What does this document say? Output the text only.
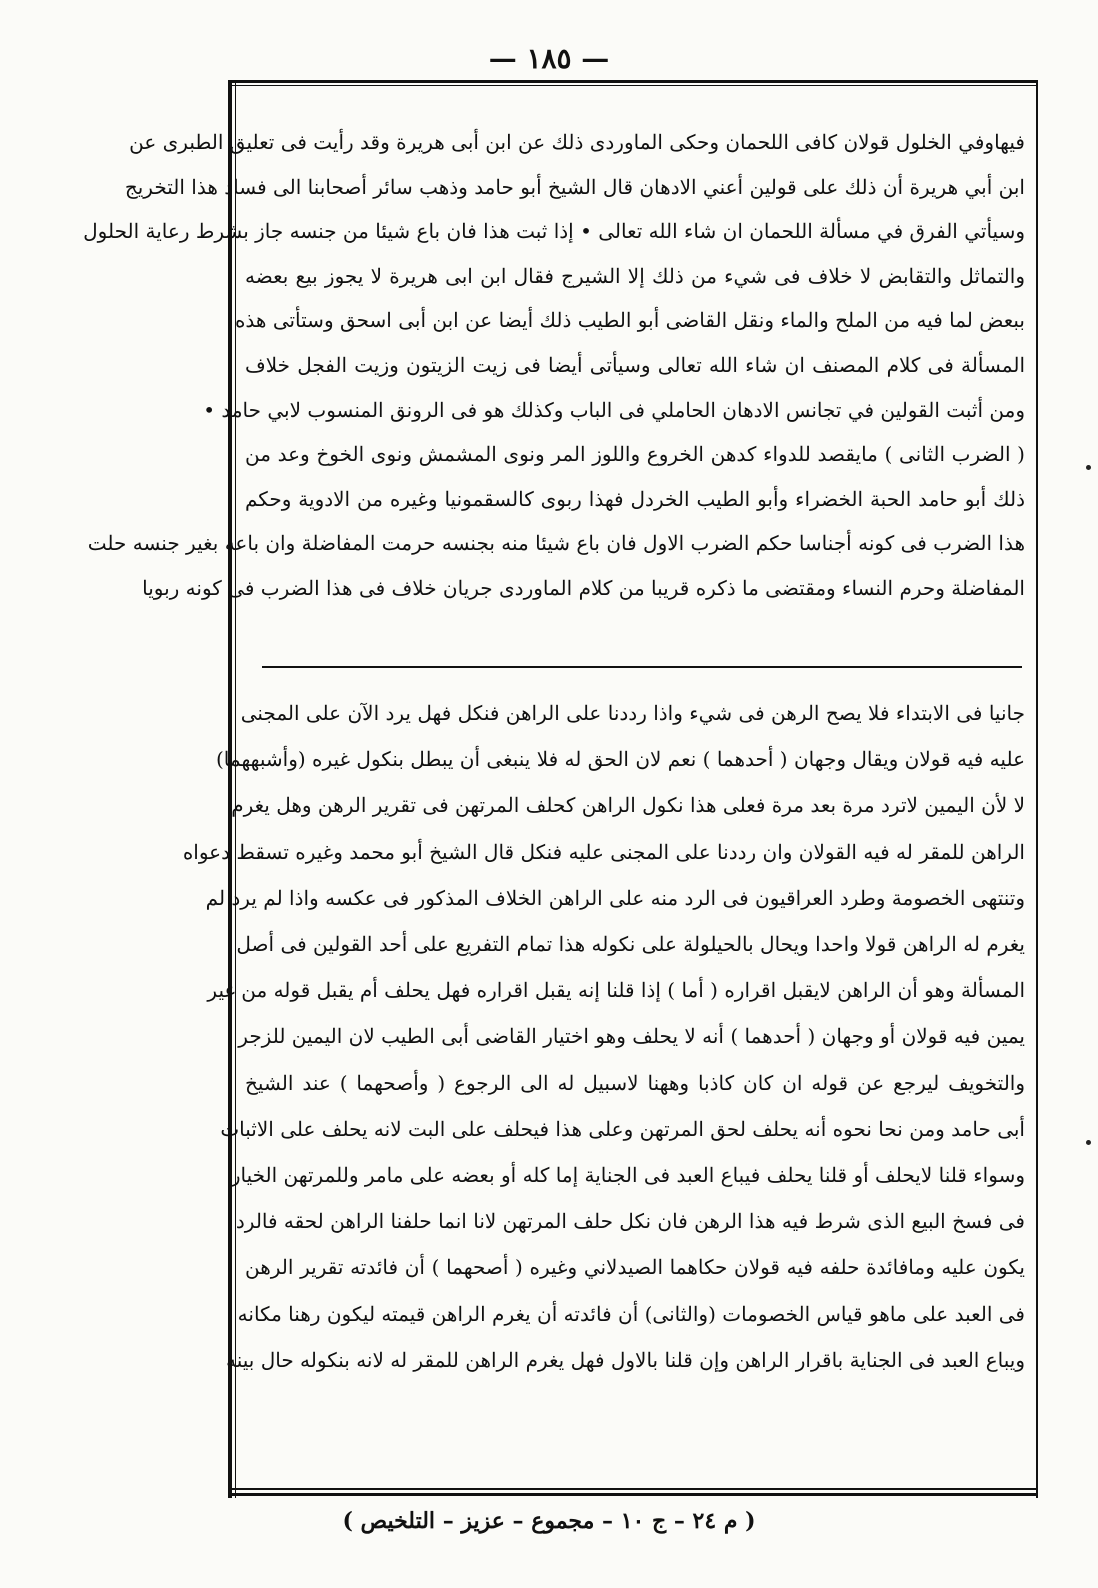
— ١٨٥ —

فيهاوفي الخلول قولان كافى اللحمان وحكى الماوردى ذلك عن ابن أبى هريرة وقد رأيت فى تعليق الطبرى عن

ابن أبي هريرة أن ذلك على قولين أعني الادهان قال الشيخ أبو حامد وذهب سائر أصحابنا الى فساد هذا التخريج

وسيأتي الفرق في مسألة اللحمان ان شاء الله تعالى • إذا ثبت هذا فان باع شيئا من جنسه جاز بشرط رعاية الحلول

والتماثل والتقابض لا خلاف فى شيء من ذلك إلا الشيرج فقال ابن ابى هريرة لا يجوز بيع بعضه

ببعض لما فيه من الملح والماء ونقل القاضى أبو الطيب ذلك أيضا عن ابن أبى اسحق وستأتى هذه

المسألة فى كلام المصنف ان شاء الله تعالى وسيأتى أيضا فى زيت الزيتون وزيت الفجل خلاف

ومن أثبت القولين في تجانس الادهان الحاملي فى الباب وكذلك هو فى الرونق المنسوب لابي حامد •

( الضرب الثانى ) مايقصد للدواء كدهن الخروع واللوز المر ونوى المشمش ونوى الخوخ وعد من

ذلك أبو حامد الحبة الخضراء وأبو الطيب الخردل فهذا ربوى كالسقمونيا وغيره من الادوية وحكم

هذا الضرب فى كونه أجناسا حكم الضرب الاول فان باع شيئا منه بجنسه حرمت المفاضلة وان باعه بغير جنسه حلت

المفاضلة وحرم النساء ومقتضى ما ذكره قريبا من كلام الماوردى جريان خلاف فى هذا الضرب فى كونه ربويا

جانيا فى الابتداء فلا يصح الرهن فى شيء واذا رددنا على الراهن فنكل فهل يرد الآن على المجنى

عليه فيه قولان ويقال وجهان ( أحدهما ) نعم لان الحق له فلا ينبغى أن يبطل بنكول غيره (وأشبههما)

لا لأن اليمين لاترد مرة بعد مرة فعلى هذا نكول الراهن كحلف المرتهن فى تقرير الرهن وهل يغرم

الراهن للمقر له فيه القولان وان رددنا على المجنى عليه فنكل قال الشيخ أبو محمد وغيره تسقط دعواه

وتنتهى الخصومة وطرد العراقيون فى الرد منه على الراهن الخلاف المذكور فى عكسه واذا لم يرد لم

يغرم له الراهن قولا واحدا ويحال بالحيلولة على نكوله هذا تمام التفريع على أحد القولين فى أصل

المسألة وهو أن الراهن لايقبل اقراره ( أما ) إذا قلنا إنه يقبل اقراره فهل يحلف أم يقبل قوله من غير

يمين فيه قولان أو وجهان ( أحدهما ) أنه لا يحلف وهو اختيار القاضى أبى الطيب لان اليمين للزجر

والتخويف ليرجع عن قوله ان كان كاذبا وههنا لاسبيل له الى الرجوع ( وأصحهما ) عند الشيخ

أبى حامد ومن نحا نحوه أنه يحلف لحق المرتهن وعلى هذا فيحلف على البت لانه يحلف على الاثبات

وسواء قلنا لايحلف أو قلنا يحلف فيباع العبد فى الجناية إما كله أو بعضه على مامر وللمرتهن الخيار

فى فسخ البيع الذى شرط فيه هذا الرهن فان نكل حلف المرتهن لانا انما حلفنا الراهن لحقه فالرد

يكون عليه ومافائدة حلفه فيه قولان حكاهما الصيدلاني وغيره ( أصحهما ) أن فائدته تقرير الرهن

فى العبد على ماهو قياس الخصومات (والثانى) أن فائدته أن يغرم الراهن قيمته ليكون رهنا مكانه

ويباع العبد فى الجناية باقرار الراهن وإن قلنا بالاول فهل يغرم الراهن للمقر له لانه بنكوله حال بينه

( م ٢٤ – ج ١٠ – مجموع – عزيز – التلخيص )
